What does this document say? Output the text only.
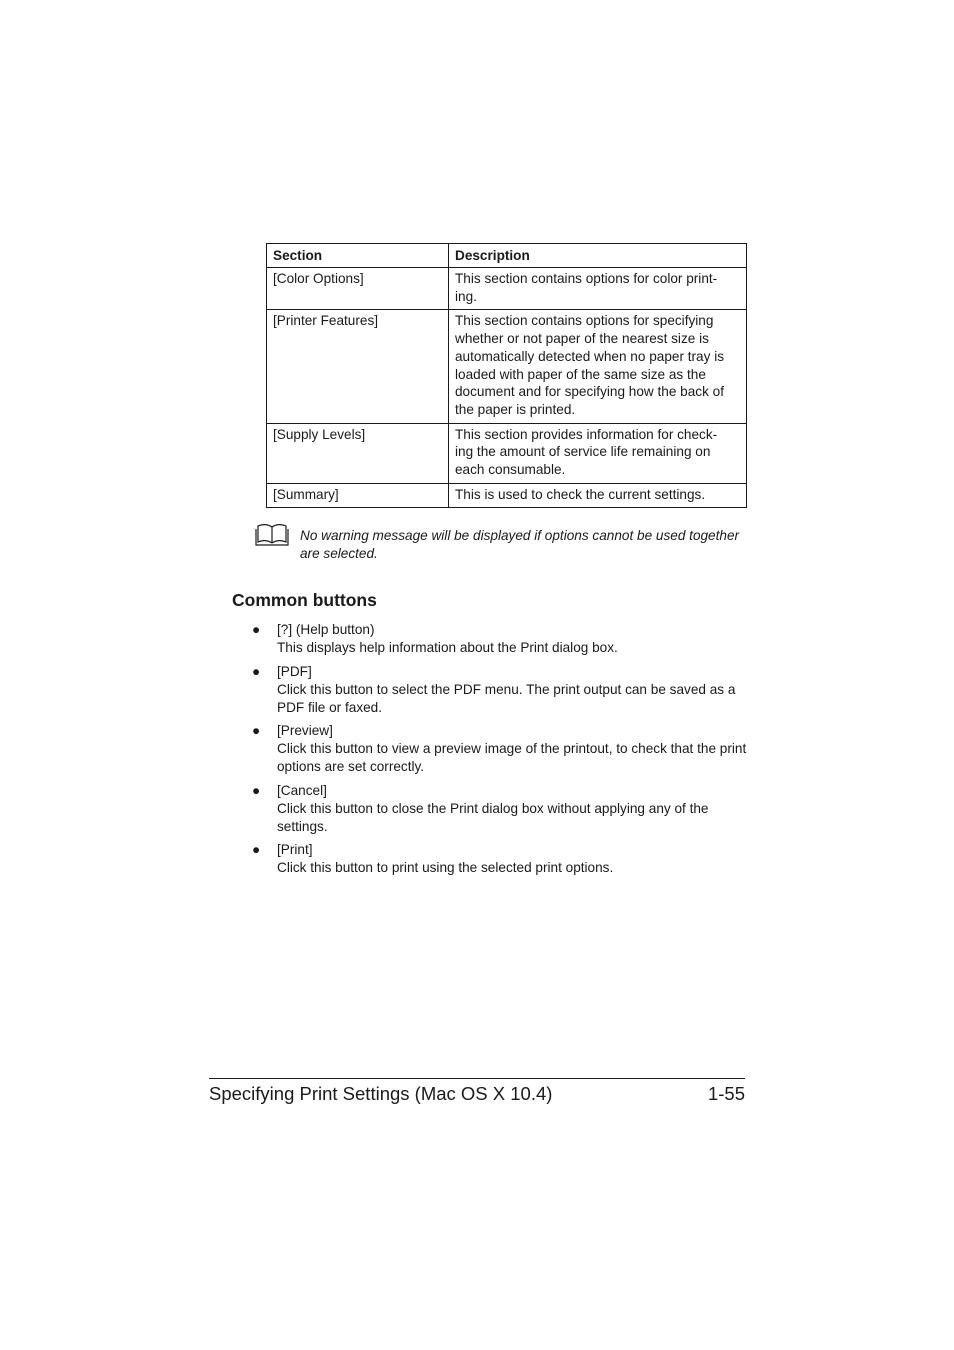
Section	Description
[Color Options]	This section contains options for color print-
ing.
[Printer Features]	This section contains options for specifying whether or not paper of the nearest size is automatically detected when no paper tray is loaded with paper of the same size as the document and for specifying how the back of the paper is printed.
[Supply Levels]	This section provides information for check-
ing the amount of service life remaining on
each consumable.
[Summary]	This is used to check the current settings.
No warning message will be displayed if options cannot be used together are selected.
Common buttons
● [?] (Help button)
This displays help information about the Print dialog box.
● [PDF]
Click this button to select the PDF menu. The print output can be saved as a PDF file or faxed.
● [Preview]
Click this button to view a preview image of the printout, to check that the print options are set correctly.
● [Cancel]
Click this button to close the Print dialog box without applying any of the settings.
● [Print]
Click this button to print using the selected print options.
Specifying Print Settings (Mac OS X 10.4)	1-55
